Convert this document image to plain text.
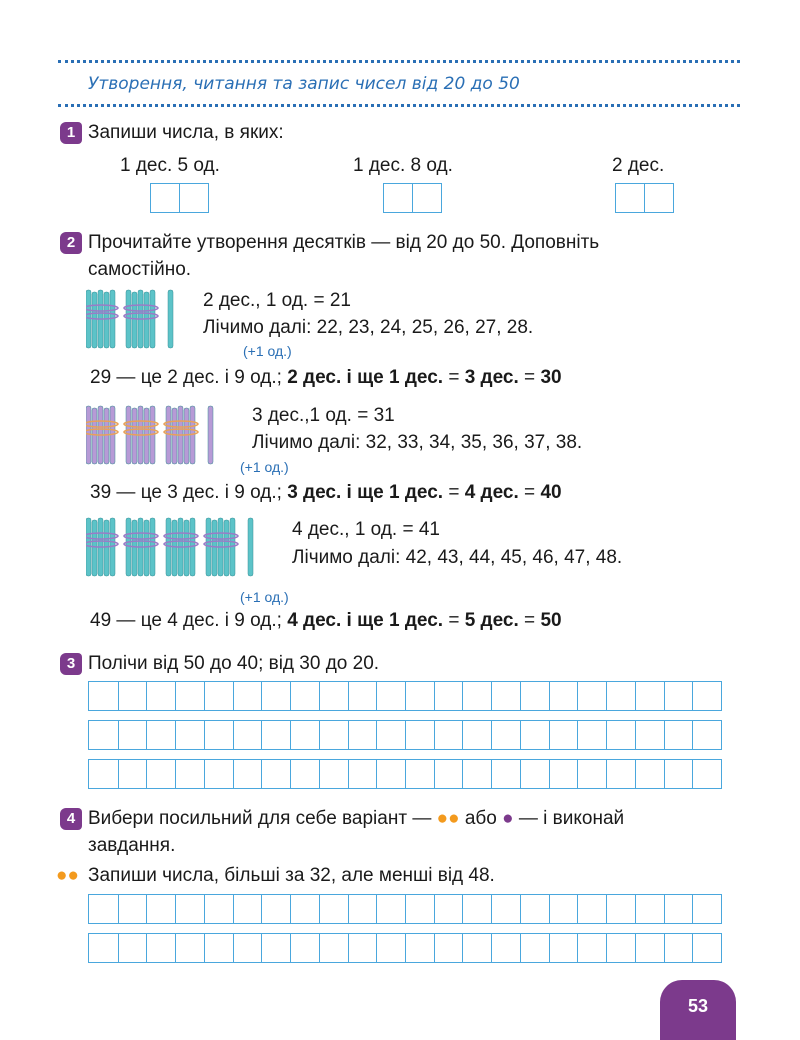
Утворення, читання та запис чисел від 20 до 50
1 Запиши числа, в яких:
1 дес. 5 од.	1 дес. 8 од.	2 дес.
2 Прочитайте утворення десятків — від 20 до 50. Доповніть
самостійно.
2 дес., 1 од. = 21
Лічимо далі: 22, 23, 24, 25, 26, 27, 28.
(+1 од.)
29 — це 2 дес. і 9 од.; 2 дес. і ще 1 дес. = 3 дес. = 30
3 дес.,1 од. = 31
Лічимо далі: 32, 33, 34, 35, 36, 37, 38.
(+1 од.)
39 — це 3 дес. і 9 од.; 3 дес. і ще 1 дес. = 4 дес. = 40
4 дес., 1 од. = 41
Лічимо далі: 42, 43, 44, 45, 46, 47, 48.
(+1 од.)
49 — це 4 дес. і 9 од.; 4 дес. і ще 1 дес. = 5 дес. = 50
3 Полічи від 50 до 40; від 30 до 20.
4 Вибери посильний для себе варіант — ●● або ● — і виконай
завдання.
●● Запиши числа, більші за 32, але менші від 48.
53
